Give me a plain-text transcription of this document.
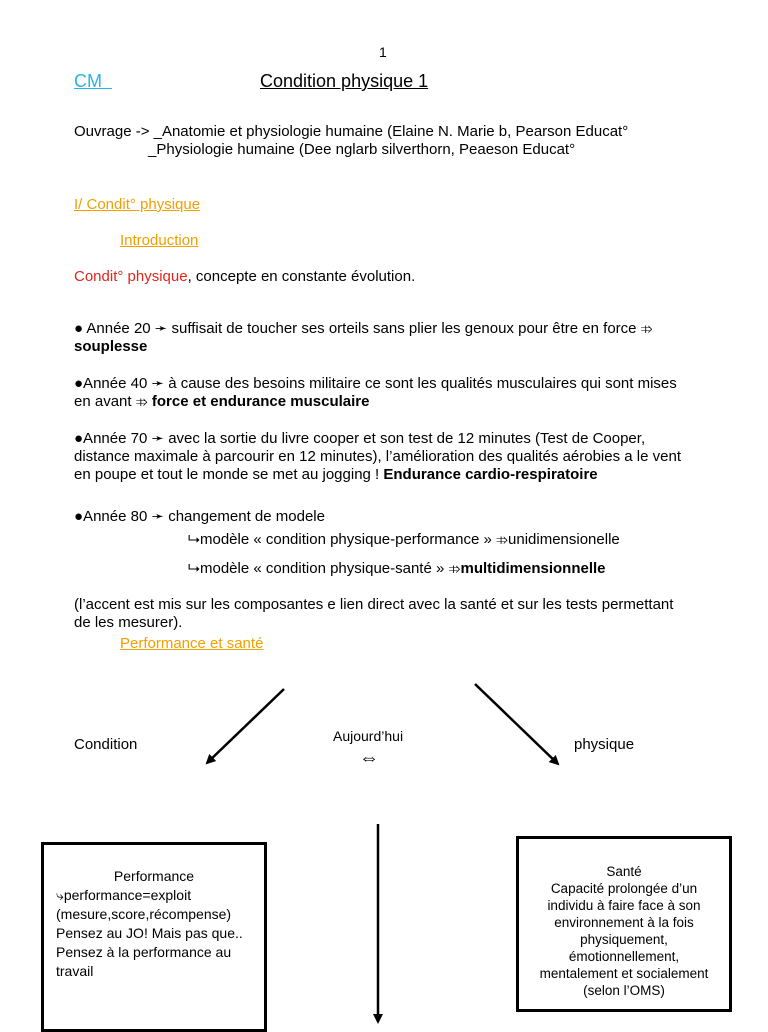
1
CM	Condition physique 1
Ouvrage -> _Anatomie et physiologie humaine (Elaine N. Marie b, Pearson Educat°
_Physiologie humaine (Dee nglarb silverthorn, Peaeson Educat°
I/ Condit° physique
Introduction
Condit° physique, concepte en constante évolution.

● Année 20 ➛ suffisait de toucher ses orteils sans plier les genoux pour être en force ⤃ souplesse

●Année 40 ➛ à cause des besoins militaire ce sont les qualités musculaires qui sont mises en avant ⤃ force et endurance musculaire

●Année 70 ➛ avec la sortie du livre cooper et son test de 12 minutes (Test de Cooper, distance maximale à parcourir en 12 minutes), l’amélioration des qualités aérobies a le vent en poupe et tout le monde se met au jogging ! Endurance cardio-respiratoire

●Année 80 ➛ changement de modele
⮡modèle « condition physique-performance » ⤃unidimensionelle
⮡modèle « condition physique-santé » ⤃multidimensionnelle

(l’accent est mis sur les composantes e lien direct avec la santé et sur les tests permettant de les mesurer).

Performance et santé
Condition	Aujourd’hui
⇔
physique
Performance
⤷performance=exploit
(mesure,score,récompense)
Pensez au JO! Mais pas que..
Pensez à la performance au travail
Santé
Capacité prolongée d’un individu à faire face à son environnement à la fois physiquement, émotionnellement, mentalement et socialement (selon l’OMS)
